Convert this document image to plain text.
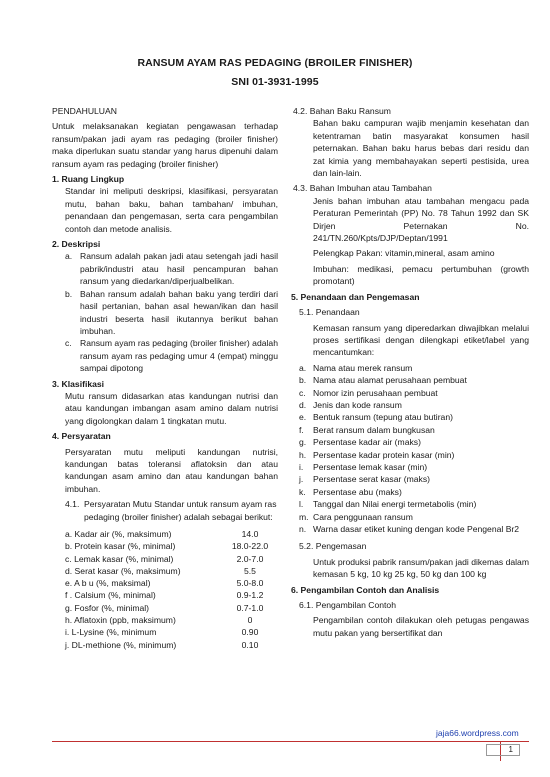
RANSUM AYAM RAS PEDAGING (BROILER FINISHER)
SNI 01-3931-1995

PENDAHULUAN

Untuk melaksanakan kegiatan pengawasan terhadap ransum/pakan jadi ayam ras pedaging (broiler finisher) maka diperlukan suatu standar yang harus dipenuhi dalam ransum ayam ras pedaging (broiler finisher)

1. Ruang Lingkup

Standar ini meliputi deskripsi, klasifikasi, persyaratan mutu, bahan baku, bahan tambahan/ imbuhan, penandaan dan pengemasan, serta cara pengambilan contoh dan metode analisis.

2. Deskripsi

a. Ransum adalah pakan jadi atau setengah jadi hasil pabrik/industri atau hasil pencampuran bahan ransum yang diedarkan/diperjualbelikan.
b. Bahan ransum adalah bahan baku yang terdiri dari hasil pertanian, bahan asal hewan/ikan dan hasil industri beserta hasil ikutannya berikut bahan imbuhan.
c. Ransum ayam ras pedaging (broiler finisher) adalah ransum ayam ras pedaging umur 4 (empat) minggu sampai dipotong

3. Klasifikasi

Mutu ransum didasarkan atas kandungan nutrisi dan atau kandungan imbangan asam amino dalam nutrisi yang digolongkan dalam 1 tingkatan mutu.

4. Persyaratan

Persyaratan mutu meliputi kandungan nutrisi, kandungan batas toleransi aflatoksin dan atau kandungan asam amino dan atau kandungan bahan imbuhan.

4.1. Persyaratan Mutu Standar untuk ransum ayam ras pedaging (broiler finisher) adalah sebagai berikut:
a. Kadar air (%, maksimum)	14.0
b. Protein kasar (%, minimal)	18.0-22.0
c. Lemak kasar (%, minimal)	2.0-7.0
d. Serat kasar (%, maksimum)	5.5
e. A b u (%, maksimal)	5.0-8.0
f . Calsium (%, minimal)	0.9-1.2
g. Fosfor (%, minimal)	0.7-1.0
h. Aflatoxin (ppb, maksimum)	0
i. L-Lysine (%, minimum	0.90
j. DL-methione (%, minimum)	0.10

4.2. Bahan Baku Ransum

Bahan baku campuran wajib menjamin kesehatan dan ketentraman batin masyarakat konsumen hasil peternakan. Bahan baku harus bebas dari residu dan zat kimia yang membahayakan seperti pestisida, urea dan lain-lain.

4.3. Bahan Imbuhan atau Tambahan

Jenis bahan imbuhan atau tambahan mengacu pada Peraturan Pemerintah (PP) No. 78 Tahun 1992 dan SK Dirjen Peternakan No. 241/TN.260/Kpts/DJP/Deptan/1991

Pelengkap Pakan: vitamin,mineral, asam amino

Imbuhan: medikasi, pemacu pertumbuhan (growth promotant)

5. Penandaan dan Pengemasan

5.1. Penandaan

Kemasan ransum yang diperedarkan diwajibkan melalui proses sertifikasi dengan dilengkapi etiket/label yang mencantumkan:

a. Nama atau merek ransum
b. Nama atau alamat perusahaan pembuat
c. Nomor izin perusahaan pembuat
d. Jenis dan kode ransum
e. Bentuk ransum (tepung atau butiran)
f. Berat ransum dalam bungkusan
g. Persentase kadar air (maks)
h. Persentase kadar protein kasar (min)
i. Persentase lemak kasar (min)
j. Persentase serat kasar (maks)
k. Persentase abu (maks)
l. Tanggal dan Nilai energi termetabolis (min)
m. Cara penggunaan ransum
n. Warna dasar etiket kuning dengan kode Pengenal Br2

5.2. Pengemasan

Untuk produksi pabrik ransum/pakan jadi dikemas dalam kemasan 5 kg, 10 kg 25 kg, 50 kg dan 100 kg

6. Pengambilan Contoh dan Analisis

6.1. Pengambilan Contoh

Pengambilan contoh dilakukan oleh petugas pengawas mutu pakan yang bersertifikat dan

jaja66.wordpress.com
1
